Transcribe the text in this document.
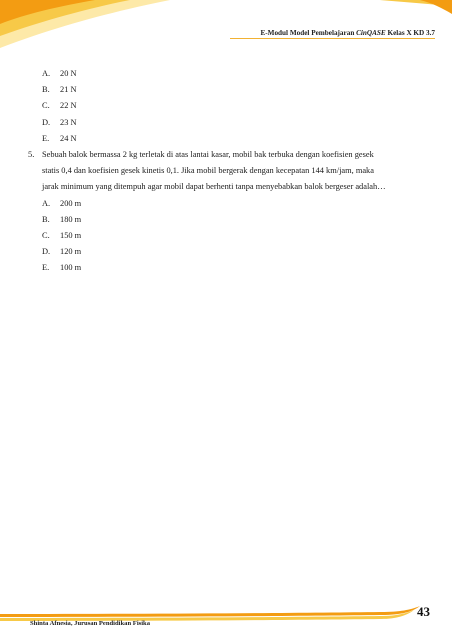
E-Modul Model Pembelajaran CinQASE Kelas X KD 3.7
A.	20 N
B.	21 N
C.	22 N
D.	23 N
E.	24 N
5. Sebuah balok bermassa 2 kg terletak di atas lantai kasar, mobil bak terbuka dengan koefisien gesek
statis 0,4 dan koefisien gesek kinetis 0,1. Jika mobil bergerak dengan kecepatan 144 km/jam, maka
jarak minimum yang ditempuh agar mobil dapat berhenti tanpa menyebabkan balok bergeser adalah…
A.	200 m
B.	180 m
C.	150 m
D.	120 m
E.	100 m
43
Shinta Afnesia, Jurusan Pendidikan Fisika
